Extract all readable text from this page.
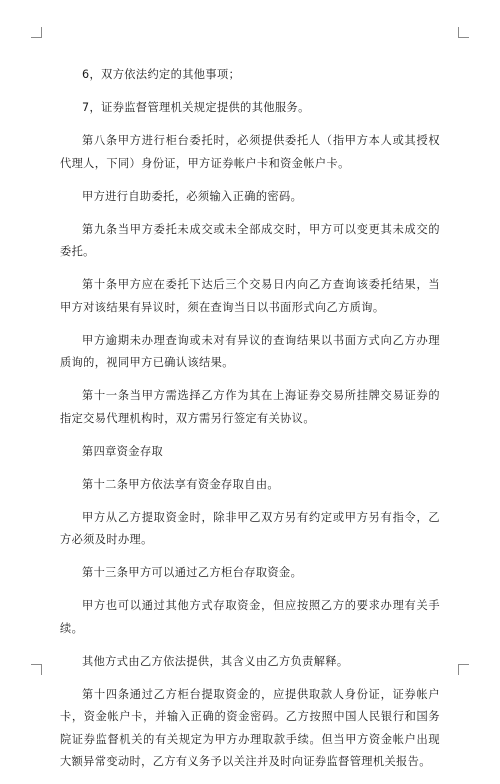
6，双方依法约定的其他事项；

7，证券监督管理机关规定提供的其他服务。

第八条甲方进行柜台委托时，必须提供委托人（指甲方本人或其授权代理人，下同）身份证，甲方证券帐户卡和资金帐户卡。

甲方进行自助委托，必须输入正确的密码。

第九条当甲方委托未成交或未全部成交时，甲方可以变更其未成交的委托。

第十条甲方应在委托下达后三个交易日内向乙方查询该委托结果，当甲方对该结果有异议时，须在查询当日以书面形式向乙方质询。

甲方逾期未办理查询或未对有异议的查询结果以书面方式向乙方办理质询的，视同甲方已确认该结果。

第十一条当甲方需选择乙方作为其在上海证券交易所挂牌交易证券的指定交易代理机构时，双方需另行签定有关协议。

第四章资金存取

第十二条甲方依法享有资金存取自由。

甲方从乙方提取资金时，除非甲乙双方另有约定或甲方另有指令，乙方必须及时办理。

第十三条甲方可以通过乙方柜台存取资金。

甲方也可以通过其他方式存取资金，但应按照乙方的要求办理有关手续。

其他方式由乙方依法提供，其含义由乙方负责解释。

第十四条通过乙方柜台提取资金的，应提供取款人身份证，证券帐户卡，资金帐户卡，并输入正确的资金密码。乙方按照中国人民银行和国务院证券监督机关的有关规定为甲方办理取款手续。但当甲方资金帐户出现大额异常变动时，乙方有义务予以关注并及时向证券监督管理机关报告。
